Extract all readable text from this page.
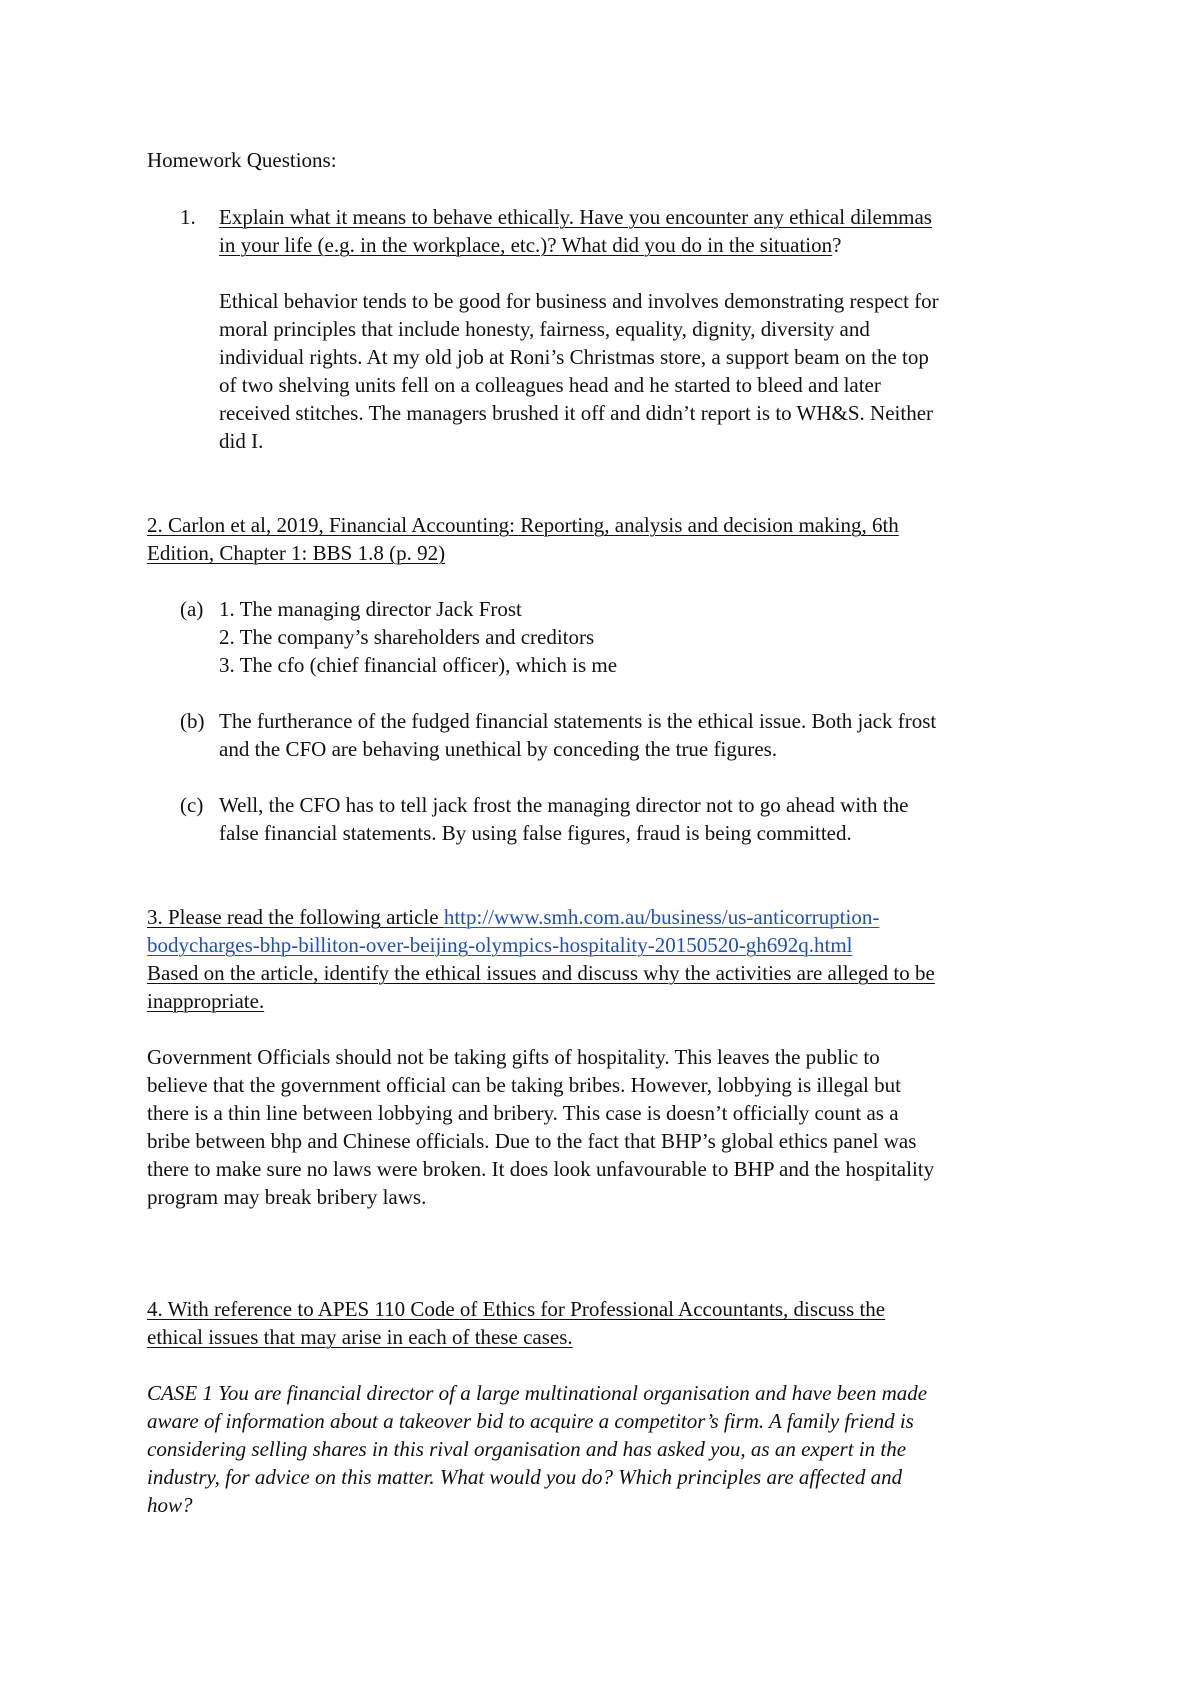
Homework Questions:
1. Explain what it means to behave ethically. Have you encounter any ethical dilemmas
in your life (e.g. in the workplace, etc.)? What did you do in the situation?
Ethical behavior tends to be good for business and involves demonstrating respect for
moral principles that include honesty, fairness, equality, dignity, diversity and
individual rights. At my old job at Roni’s Christmas store, a support beam on the top
of two shelving units fell on a colleagues head and he started to bleed and later
received stitches. The managers brushed it off and didn’t report is to WH&S. Neither
did I.
2. Carlon et al, 2019, Financial Accounting: Reporting, analysis and decision making, 6th
Edition, Chapter 1: BBS 1.8 (p. 92)
(a) 1. The managing director Jack Frost
2. The company’s shareholders and creditors
3. The cfo (chief financial officer), which is me
(b) The furtherance of the fudged financial statements is the ethical issue. Both jack frost
and the CFO are behaving unethical by conceding the true figures.
(c) Well, the CFO has to tell jack frost the managing director not to go ahead with the
false financial statements. By using false figures, fraud is being committed.
3. Please read the following article http://www.smh.com.au/business/us-anticorruption-
bodycharges-bhp-billiton-over-beijing-olympics-hospitality-20150520-gh692q.html
Based on the article, identify the ethical issues and discuss why the activities are alleged to be
inappropriate.
Government Officials should not be taking gifts of hospitality. This leaves the public to
believe that the government official can be taking bribes. However, lobbying is illegal but
there is a thin line between lobbying and bribery. This case is doesn’t officially count as a
bribe between bhp and Chinese officials. Due to the fact that BHP’s global ethics panel was
there to make sure no laws were broken. It does look unfavourable to BHP and the hospitality
program may break bribery laws.
4. With reference to APES 110 Code of Ethics for Professional Accountants, discuss the
ethical issues that may arise in each of these cases.
CASE 1 You are financial director of a large multinational organisation and have been made
aware of information about a takeover bid to acquire a competitor’s firm. A family friend is
considering selling shares in this rival organisation and has asked you, as an expert in the
industry, for advice on this matter. What would you do? Which principles are affected and
how?
